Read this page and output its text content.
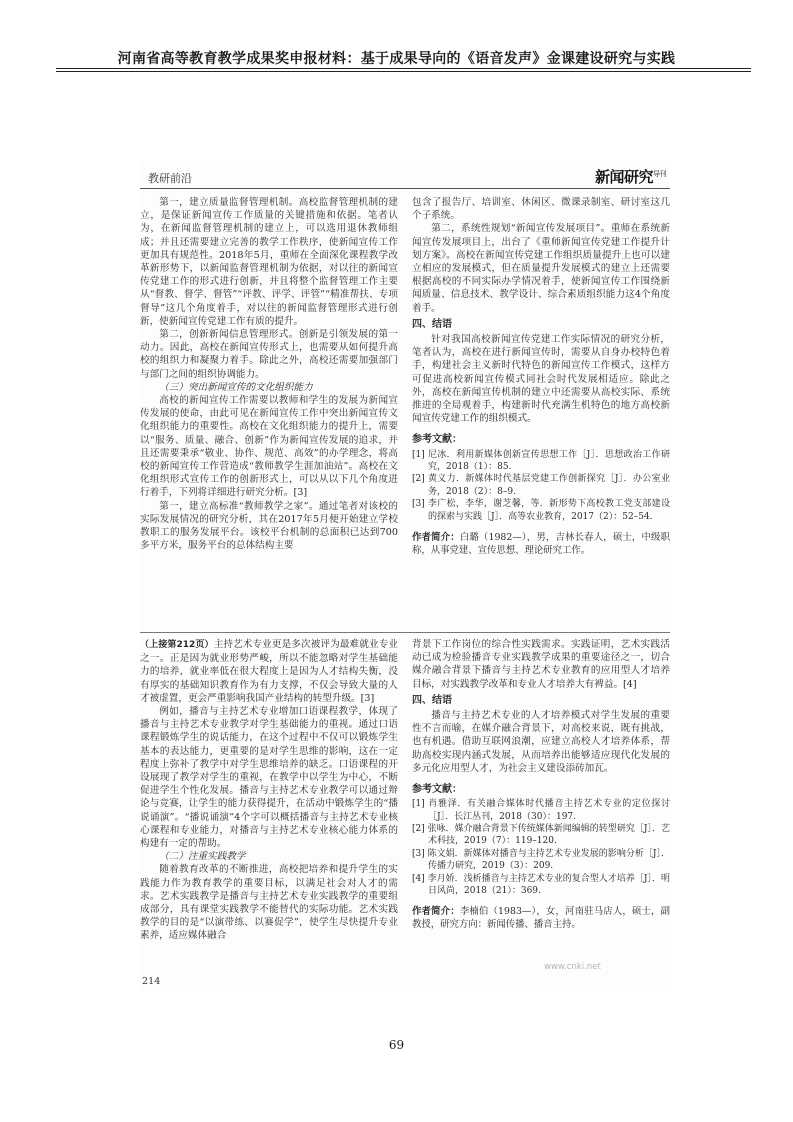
河南省高等教育教学成果奖申报材料：基于成果导向的《语音发声》金课建设研究与实践
教研前沿	新闻研究$^{导刊}$

第一，建立质量监督管理机制。高校监督管理机制的建立，是保证新闻宣传工作质量的关键措施和依据。笔者认为，在新闻监督管理机制的建立上，可以选用退休教师组成；并且还需要建立完善的教学工作秩序，使新闻宣传工作更加具有规范性。2018年5月，重师在全面深化课程教学改革新形势下，以新闻监督管理机制为依据，对以往的新闻宣传党建工作的形式进行创新，并且将整个监督管理工作主要从“督教、督学、督管”“评教、评学、评管”“精准帮扶、专项督导”这几个角度着手，对以往的新闻监督管理形式进行创新，使新闻宣传党建工作有质的提升。

第二，创新新闻信息管理形式。创新是引领发展的第一动力。因此，高校在新闻宣传形式上，也需要从如何提升高校的组织力和凝聚力着手。除此之外，高校还需要加强部门与部门之间的组织协调能力。

（三）突出新闻宣传的文化组织能力

高校的新闻宣传工作需要以教师和学生的发展为新闻宣传发展的使命，由此可见在新闻宣传工作中突出新闻宣传文化组织能力的重要性。高校在文化组织能力的提升上，需要以“服务、质量、融合、创新”作为新闻宣传发展的追求，并且还需要秉承“敬业、协作、规范、高效”的办学理念，将高校的新闻宣传工作营造成“教师教学生涯加油站”。高校在文化组织形式宣传工作的创新形式上，可以从以下几个角度进行着手，下列将详细进行研究分析。[3]

第一，建立高标准“教师教学之家”。通过笔者对该校的实际发展情况的研究分析，其在2017年5月便开始建立学校教职工的服务发展平台。该校平台机制的总面积已达到700多平方米，服务平台的总体结构主要

包含了报告厅、培训室、休闲区、微课录制室、研讨室这几个子系统。

第二，系统性规划“新闻宣传发展项目”。重师在系统新闻宣传发展项目上，出台了《重师新闻宣传党建工作提升计划方案》。高校在新闻宣传党建工作组织质量提升上也可以建立相应的发展模式，但在质量提升发展模式的建立上还需要根据高校的不同实际办学情况着手，使新闻宣传工作围绕新闻质量、信息技术、教学设计、综合素质组织能力这4个角度着手。

四、结语

针对我国高校新闻宣传党建工作实际情况的研究分析，笔者认为，高校在进行新闻宣传时，需要从自身办校特色着手，构建社会主义新时代特色的新闻宣传工作模式，这样方可促进高校新闻宣传模式同社会时代发展相适应。除此之外，高校在新闻宣传机制的建立中还需要从高校实际、系统推进的全局观着手，构建新时代充满生机特色的地方高校新闻宣传党建工作的组织模式。

参考文献：

[1] 尼冰．利用新媒体创新宣传思想工作［J］．思想政治工作研究，2018（1）：85.

[2] 黄义力．新媒体时代基层党建工作创新探究［J］．办公室业务，2018（2）：8–9.

[3] 李广松，李华，谢芝馨，等．新形势下高校教工党支部建设的探索与实践［J］．高等农业教育，2017（2）：52–54.

作者简介：白璐（1982—），男，吉林长春人，硕士，中级职称，从事党建、宣传思想、理论研究工作。

（上接第212页）主持艺术专业更是多次被评为最难就业专业之一。正是因为就业形势严峻，所以不能忽略对学生基础能力的培养，就业率低在很大程度上是因为人才结构失衡，没有厚实的基础知识教育作为有力支撑，不仅会导致大量的人才被虚置，更会严重影响我国产业结构的转型升级。[3]

例如，播音与主持艺术专业增加口语课程教学，体现了播音与主持艺术专业教学对学生基础能力的重视。通过口语课程锻炼学生的说话能力，在这个过程中不仅可以锻炼学生基本的表达能力，更重要的是对学生思维的影响，这在一定程度上弥补了教学中对学生思维培养的缺乏。口语课程的开设展现了教学对学生的重视，在教学中以学生为中心，不断促进学生个性化发展。播音与主持艺术专业教学可以通过辩论与竞赛，让学生的能力获得提升，在活动中锻炼学生的“播说诵演”。“播说诵演”4个字可以概括播音与主持艺术专业核心课程和专业能力，对播音与主持艺术专业核心能力体系的构建有一定的帮助。

（二）注重实践教学

随着教育改革的不断推进，高校把培养和提升学生的实践能力作为教育教学的重要目标，以满足社会对人才的需求。艺术实践教学是播音与主持艺术专业实践教学的重要组成部分，具有课堂实践教学不能替代的实际功能。艺术实践教学的目的是“以演带练、以赛促学”，使学生尽快提升专业素养，适应媒体融合

背景下工作岗位的综合性实践需求。实践证明，艺术实践活动已成为检验播音专业实践教学成果的重要途径之一，切合媒介融合背景下播音与主持艺术专业教育的应用型人才培养目标，对实践教学改革和专业人才培养大有裨益。[4]

四、结语

播音与主持艺术专业的人才培养模式对学生发展的重要性不言而喻，在媒介融合背景下，对高校来说，既有挑战，也有机遇。借助互联网浪潮，应建立高校人才培养体系，帮助高校实现内涵式发展，从而培养出能够适应现代化发展的多元化应用型人才，为社会主义建设添砖加瓦。

参考文献：

[1] 肖雅泽．有关融合媒体时代播音主持艺术专业的定位探讨［J］．长江丛刊，2018（30）：197.

[2] 张咏．媒介融合背景下传统媒体新闻编辑的转型研究［J］．艺术科技，2019（7）：119–120.

[3] 陈文娟．新媒体对播音与主持艺术专业发展的影响分析［J］．传播力研究，2019（3）：209.

[4] 李月娇．浅析播音与主持艺术专业的复合型人才培养［J］．明日风尚，2018（21）：369.

作者简介：李楠伯（1983—），女，河南驻马店人，硕士，副教授，研究方向：新闻传播、播音主持。

www.cnki.net
214
69
